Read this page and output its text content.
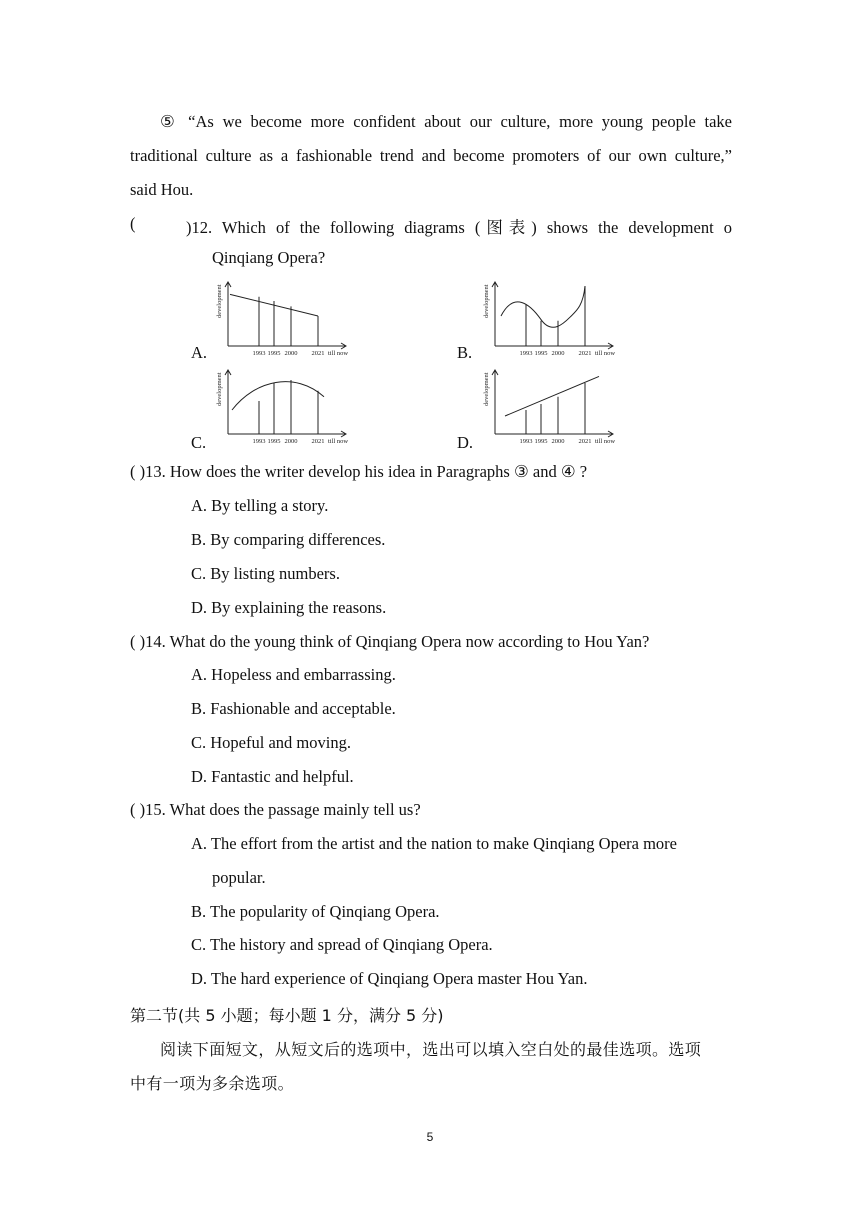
⑤ “As we become more confident about our culture, more young people take
traditional culture as a fashionable trend and become promoters of our own culture,”
said Hou.
(	)12. Which of the following diagrams (图表) shows the development o
Qinqiang Opera?
A.	B.
C.	D.
development
1993 1995 2000 2021 till now
development
1993 1995 2000 2021 till now
development
1993 1995 2000 2021 till now
development
1993 1995 2000 2021 till now
( )13. How does the writer develop his idea in Paragraphs ③ and ④ ?
A. By telling a story.
B. By comparing differences.
C. By listing numbers.
D. By explaining the reasons.
( )14. What do the young think of Qinqiang Opera now according to Hou Yan?
A. Hopeless and embarrassing.
B. Fashionable and acceptable.
C. Hopeful and moving.
D. Fantastic and helpful.
( )15. What does the passage mainly tell us?
A. The effort from the artist and the nation to make Qinqiang Opera more
popular.
B. The popularity of Qinqiang Opera.
C. The history and spread of Qinqiang Opera.
D. The hard experience of Qinqiang Opera master Hou Yan.
第二节(共 5 小题；每小题 1 分，满分 5 分)
阅读下面短文，从短文后的选项中，选出可以填入空白处的最佳选项。选项
中有一项为多余选项。
5
